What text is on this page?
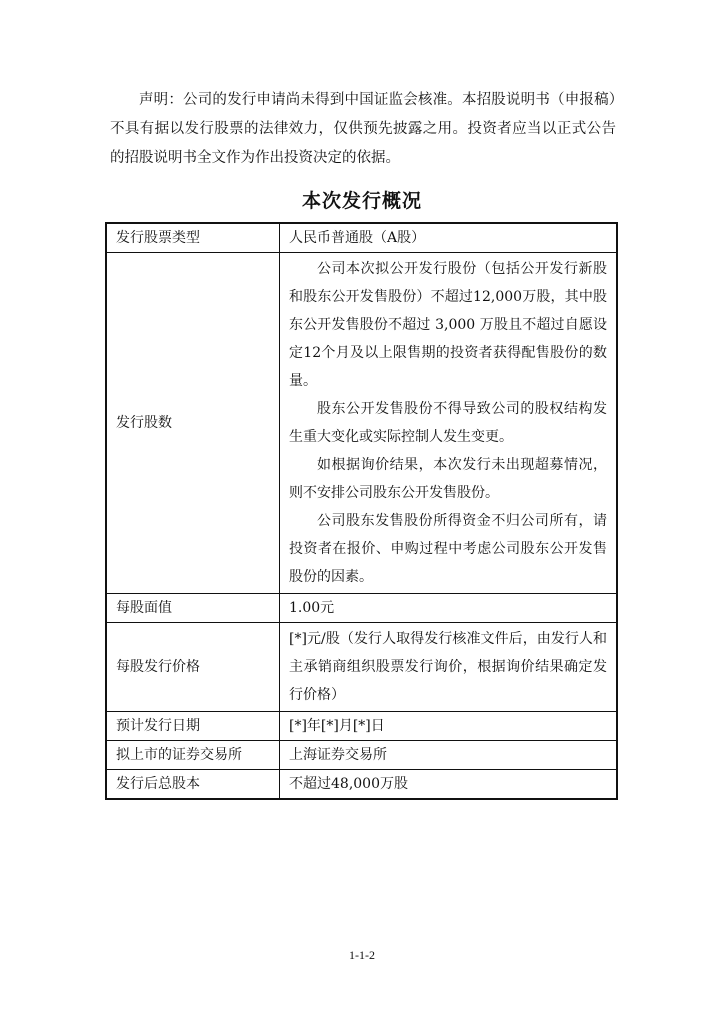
声明：公司的发行申请尚未得到中国证监会核准。本招股说明书（申报稿）不具有据以发行股票的法律效力，仅供预先披露之用。投资者应当以正式公告的招股说明书全文作为作出投资决定的依据。

本次发行概况
发行股票类型	人民币普通股（A股）
发行股数	公司本次拟公开发行股份（包括公开发行新股和股东公开发售股份）不超过12,000万股，其中股东公开发售股份不超过 3,000 万股且不超过自愿设定12个月及以上限售期的投资者获得配售股份的数量。

股东公开发售股份不得导致公司的股权结构发生重大变化或实际控制人发生变更。

如根据询价结果，本次发行未出现超募情况，则不安排公司股东公开发售股份。

公司股东发售股份所得资金不归公司所有，请投资者在报价、申购过程中考虑公司股东公开发售股份的因素。

每股面值	1.00元
每股发行价格	[*]元/股（发行人取得发行核准文件后，由发行人和主承销商组织股票发行询价，根据询价结果确定发行价格）
预计发行日期	[*]年[*]月[*]日
拟上市的证券交易所	上海证券交易所
发行后总股本	不超过48,000万股
1-1-2
